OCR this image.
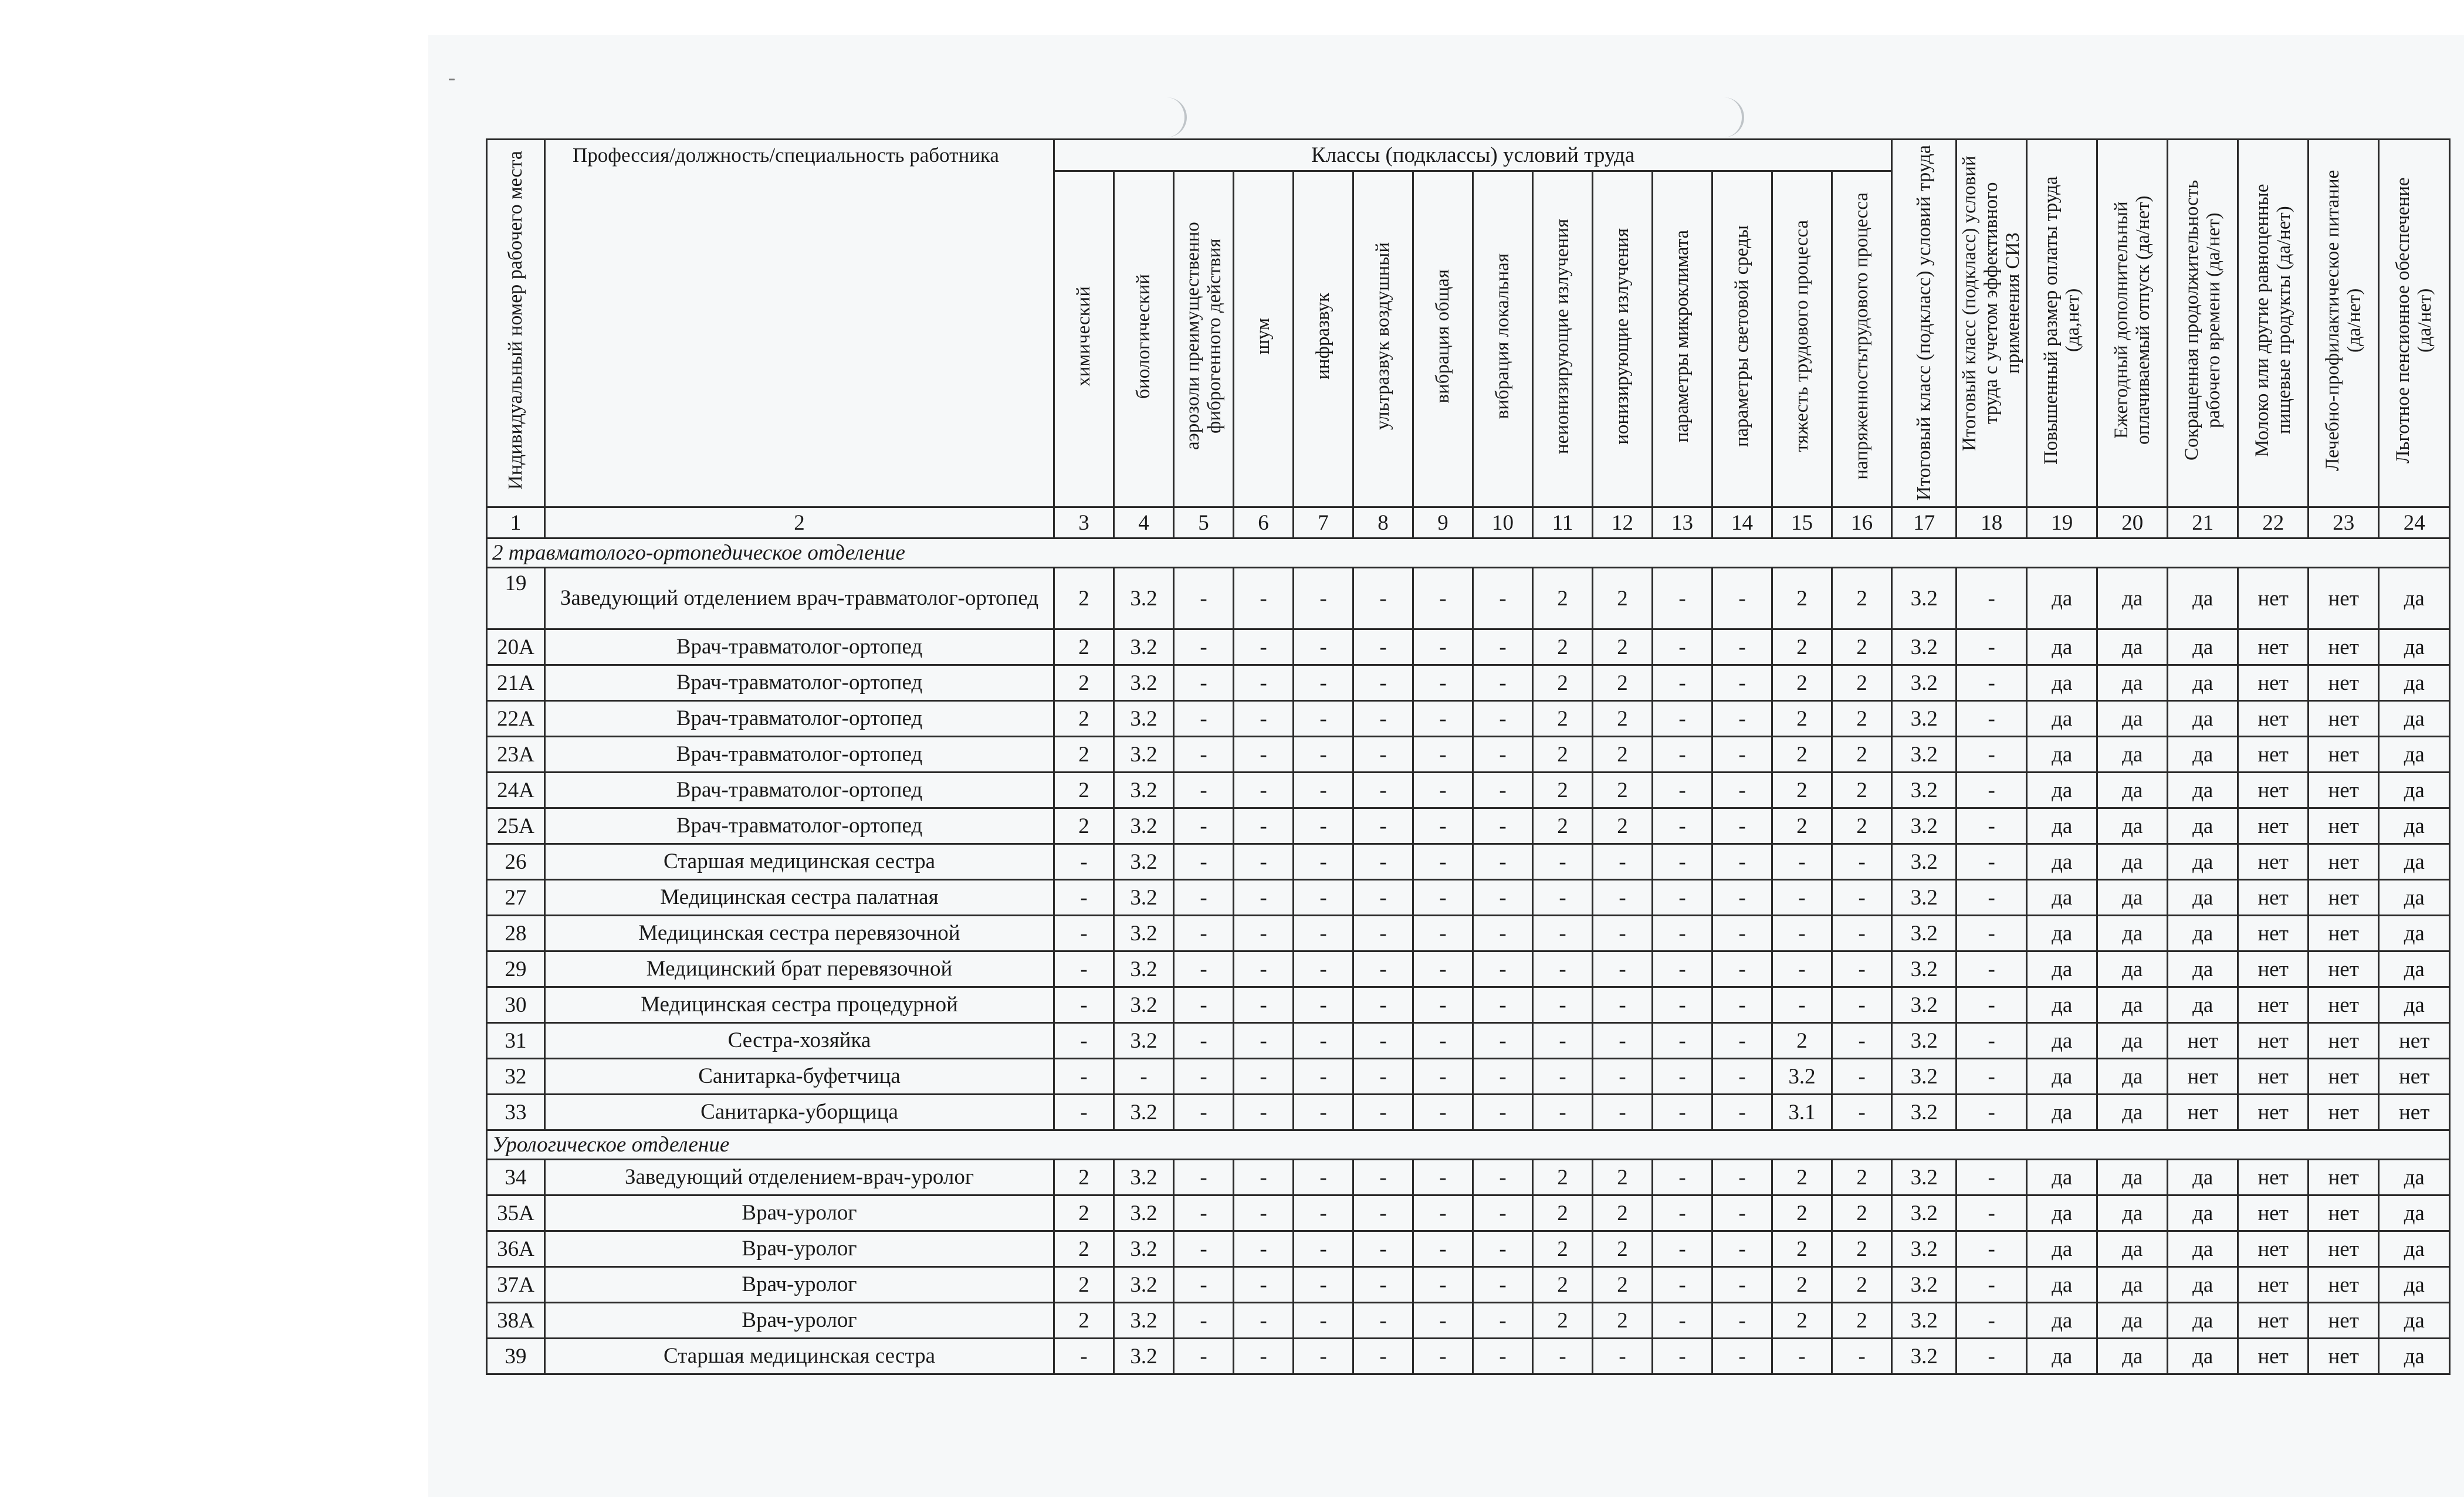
Индивидуальный номер рабочего места	Профессия/должность/специальность работника	Классы (подклассы) условий труда														Итоговый класс (подкласс) условий труда	Итоговый класс (подкласс) условий труда с учетом эффективного применения СИЗ	Повышенный размер оплаты труда (да,нет)	Ежегодный дополнительный оплачиваемый отпуск (да/нет)	Сокращенная продолжительность рабочего времени (да/нет)	Молоко или другие равноценные пищевые продукты (да/нет)	Лечебно-профилактическое питание (да/нет)	Льготное пенсионное обеспечение (да/нет)
		химический	биологический	аэрозоли преимущественно фиброгенного действия	шум	инфразвук	ультразвук воздушный	вибрация общая	вибрация локальная	неионизирующие излучения	ионизирующие излучения	параметры микроклимата	параметры световой среды	тяжесть трудового процесса	напряженностьтрудового процесса								
1	2	3	4	5	6	7	8	9	10	11	12	13	14	15	16	17	18	19	20	21	22	23	24
2 травматолого-ортопедическое отделение																							
19	Заведующий отделением врач-травматолог-ортопед	2	3.2	-	-	-	-	-	-	2	2	-	-	2	2	3.2	-	да	да	да	нет	нет	да
20А	Врач-травматолог-ортопед	2	3.2	-	-	-	-	-	-	2	2	-	-	2	2	3.2	-	да	да	да	нет	нет	да
21А	Врач-травматолог-ортопед	2	3.2	-	-	-	-	-	-	2	2	-	-	2	2	3.2	-	да	да	да	нет	нет	да
22А	Врач-травматолог-ортопед	2	3.2	-	-	-	-	-	-	2	2	-	-	2	2	3.2	-	да	да	да	нет	нет	да
23А	Врач-травматолог-ортопед	2	3.2	-	-	-	-	-	-	2	2	-	-	2	2	3.2	-	да	да	да	нет	нет	да
24А	Врач-травматолог-ортопед	2	3.2	-	-	-	-	-	-	2	2	-	-	2	2	3.2	-	да	да	да	нет	нет	да
25А	Врач-травматолог-ортопед	2	3.2	-	-	-	-	-	-	2	2	-	-	2	2	3.2	-	да	да	да	нет	нет	да
26	Старшая медицинская сестра	-	3.2	-	-	-	-	-	-	-	-	-	-	-	-	3.2	-	да	да	да	нет	нет	да
27	Медицинская сестра палатная	-	3.2	-	-	-	-	-	-	-	-	-	-	-	-	3.2	-	да	да	да	нет	нет	да
28	Медицинская сестра перевязочной	-	3.2	-	-	-	-	-	-	-	-	-	-	-	-	3.2	-	да	да	да	нет	нет	да
29	Медицинский брат перевязочной	-	3.2	-	-	-	-	-	-	-	-	-	-	-	-	3.2	-	да	да	да	нет	нет	да
30	Медицинская сестра процедурной	-	3.2	-	-	-	-	-	-	-	-	-	-	-	-	3.2	-	да	да	да	нет	нет	да
31	Сестра-хозяйка	-	3.2	-	-	-	-	-	-	-	-	-	-	2	-	3.2	-	да	да	нет	нет	нет	нет
32	Санитарка-буфетчица	-	-	-	-	-	-	-	-	-	-	-	-	3.2	-	3.2	-	да	да	нет	нет	нет	нет
33	Санитарка-уборщица	-	3.2	-	-	-	-	-	-	-	-	-	-	3.1	-	3.2	-	да	да	нет	нет	нет	нет
Урологическое отделение																							
34	Заведующий отделением-врач-уролог	2	3.2	-	-	-	-	-	-	2	2	-	-	2	2	3.2	-	да	да	да	нет	нет	да
35А	Врач-уролог	2	3.2	-	-	-	-	-	-	2	2	-	-	2	2	3.2	-	да	да	да	нет	нет	да
36А	Врач-уролог	2	3.2	-	-	-	-	-	-	2	2	-	-	2	2	3.2	-	да	да	да	нет	нет	да
37А	Врач-уролог	2	3.2	-	-	-	-	-	-	2	2	-	-	2	2	3.2	-	да	да	да	нет	нет	да
38А	Врач-уролог	2	3.2	-	-	-	-	-	-	2	2	-	-	2	2	3.2	-	да	да	да	нет	нет	да
39	Старшая медицинская сестра	-	3.2	-	-	-	-	-	-	-	-	-	-	-	-	3.2	-	да	да	да	нет	нет	да
